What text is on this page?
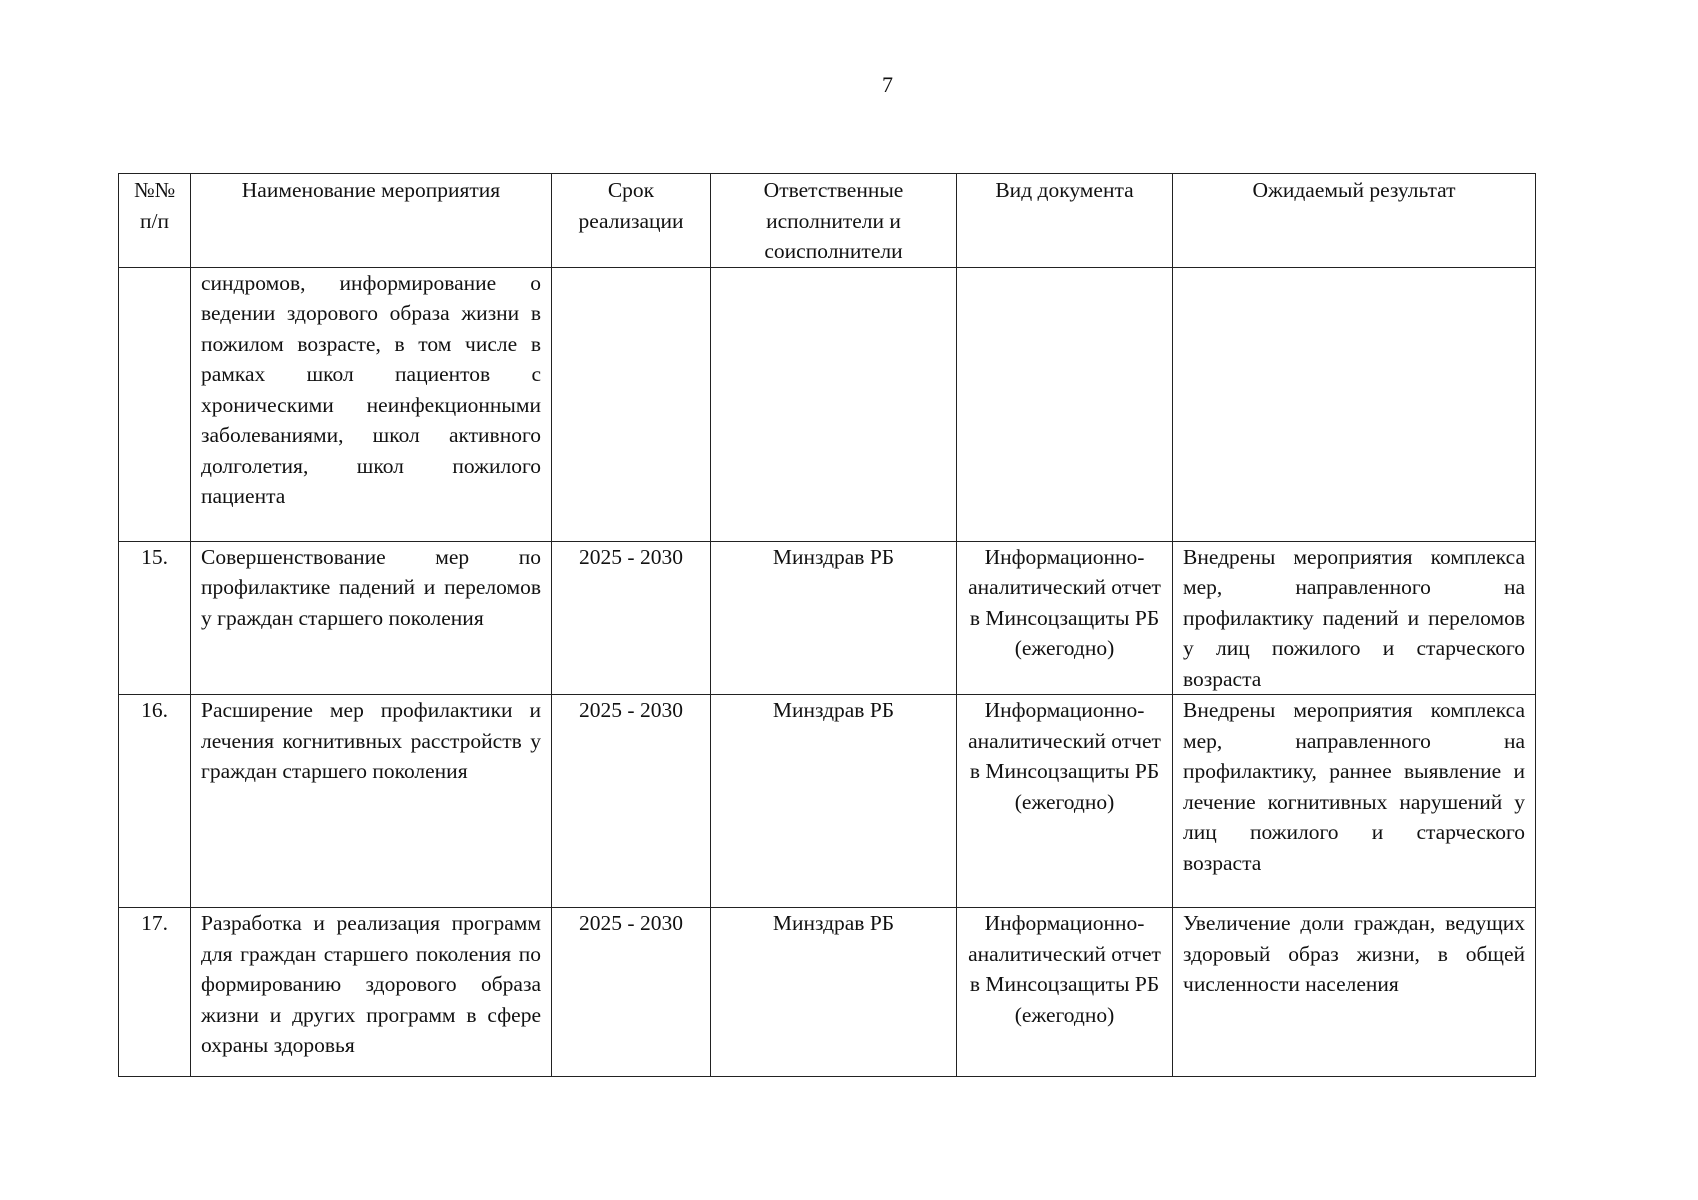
7
№№ п/п	Наименование мероприятия	Срок реализации	Ответственные исполнители и соисполнители	Вид документа	Ожидаемый результат
	синдромов, информирование о ведении здорового образа жизни в пожилом возрасте, в том числе в рамках школ пациентов с хроническими неинфекционными заболеваниями, школ активного долголетия, школ пожилого пациента				
15.	Совершенствование мер по профилактике падений и переломов у граждан старшего поколения	2025 - 2030	Минздрав РБ	Информационно-аналитический отчет в Минсоцзащиты РБ (ежегодно)	Внедрены мероприятия комплекса мер, направленного на профилактику падений и переломов у лиц пожилого и старческого возраста
16.	Расширение мер профилактики и лечения когнитивных расстройств у граждан старшего поколения	2025 - 2030	Минздрав РБ	Информационно-аналитический отчет в Минсоцзащиты РБ (ежегодно)	Внедрены мероприятия комплекса мер, направленного на профилактику, раннее выявление и лечение когнитивных нарушений у лиц пожилого и старческого возраста
17.	Разработка и реализация программ для граждан старшего поколения по формированию здорового образа жизни и других программ в сфере охраны здоровья	2025 - 2030	Минздрав РБ	Информационно-аналитический отчет в Минсоцзащиты РБ (ежегодно)	Увеличение доли граждан, ведущих здоровый образ жизни, в общей численности населения
